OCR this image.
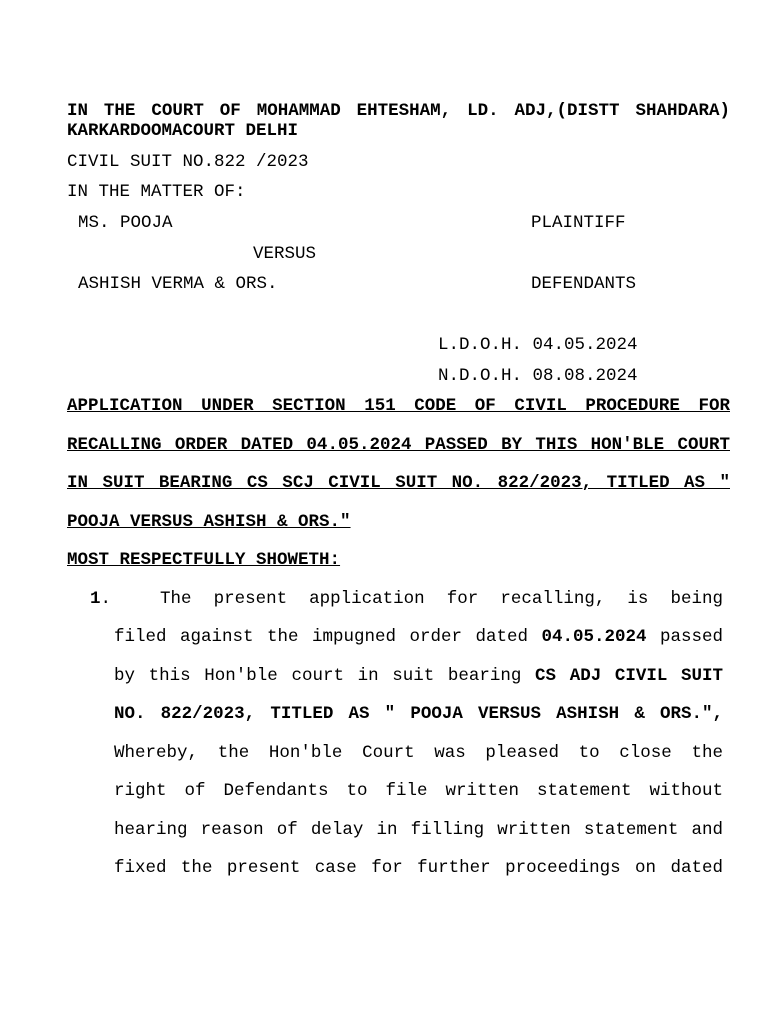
IN THE COURT OF MOHAMMAD EHTESHAM, LD. ADJ,(DISTT SHAHDARA)
KARKARDOOMACOURT DELHI
CIVIL SUIT NO.822 /2023
IN THE MATTER OF:
MS. POOJA	PLAINTIFF
VERSUS
ASHISH VERMA & ORS.	DEFENDANTS
L.D.O.H. 04.05.2024
N.D.O.H. 08.08.2024
APPLICATION UNDER SECTION 151 CODE OF CIVIL PROCEDURE FOR
RECALLING ORDER DATED 04.05.2024 PASSED BY THIS HON'BLE COURT
IN SUIT BEARING CS SCJ CIVIL SUIT NO. 822/2023, TITLED AS "
POOJA VERSUS ASHISH & ORS."
MOST RESPECTFULLY SHOWETH:
1.	The present application for recalling, is being
filed against the impugned order dated 04.05.2024 passed
by this Hon'ble court in suit bearing CS ADJ CIVIL SUIT
NO. 822/2023, TITLED AS " POOJA VERSUS ASHISH & ORS.",
Whereby, the Hon'ble Court was pleased to close the
right of Defendants to file written statement without
hearing reason of delay in filling written statement and
fixed the present case for further proceedings on dated
